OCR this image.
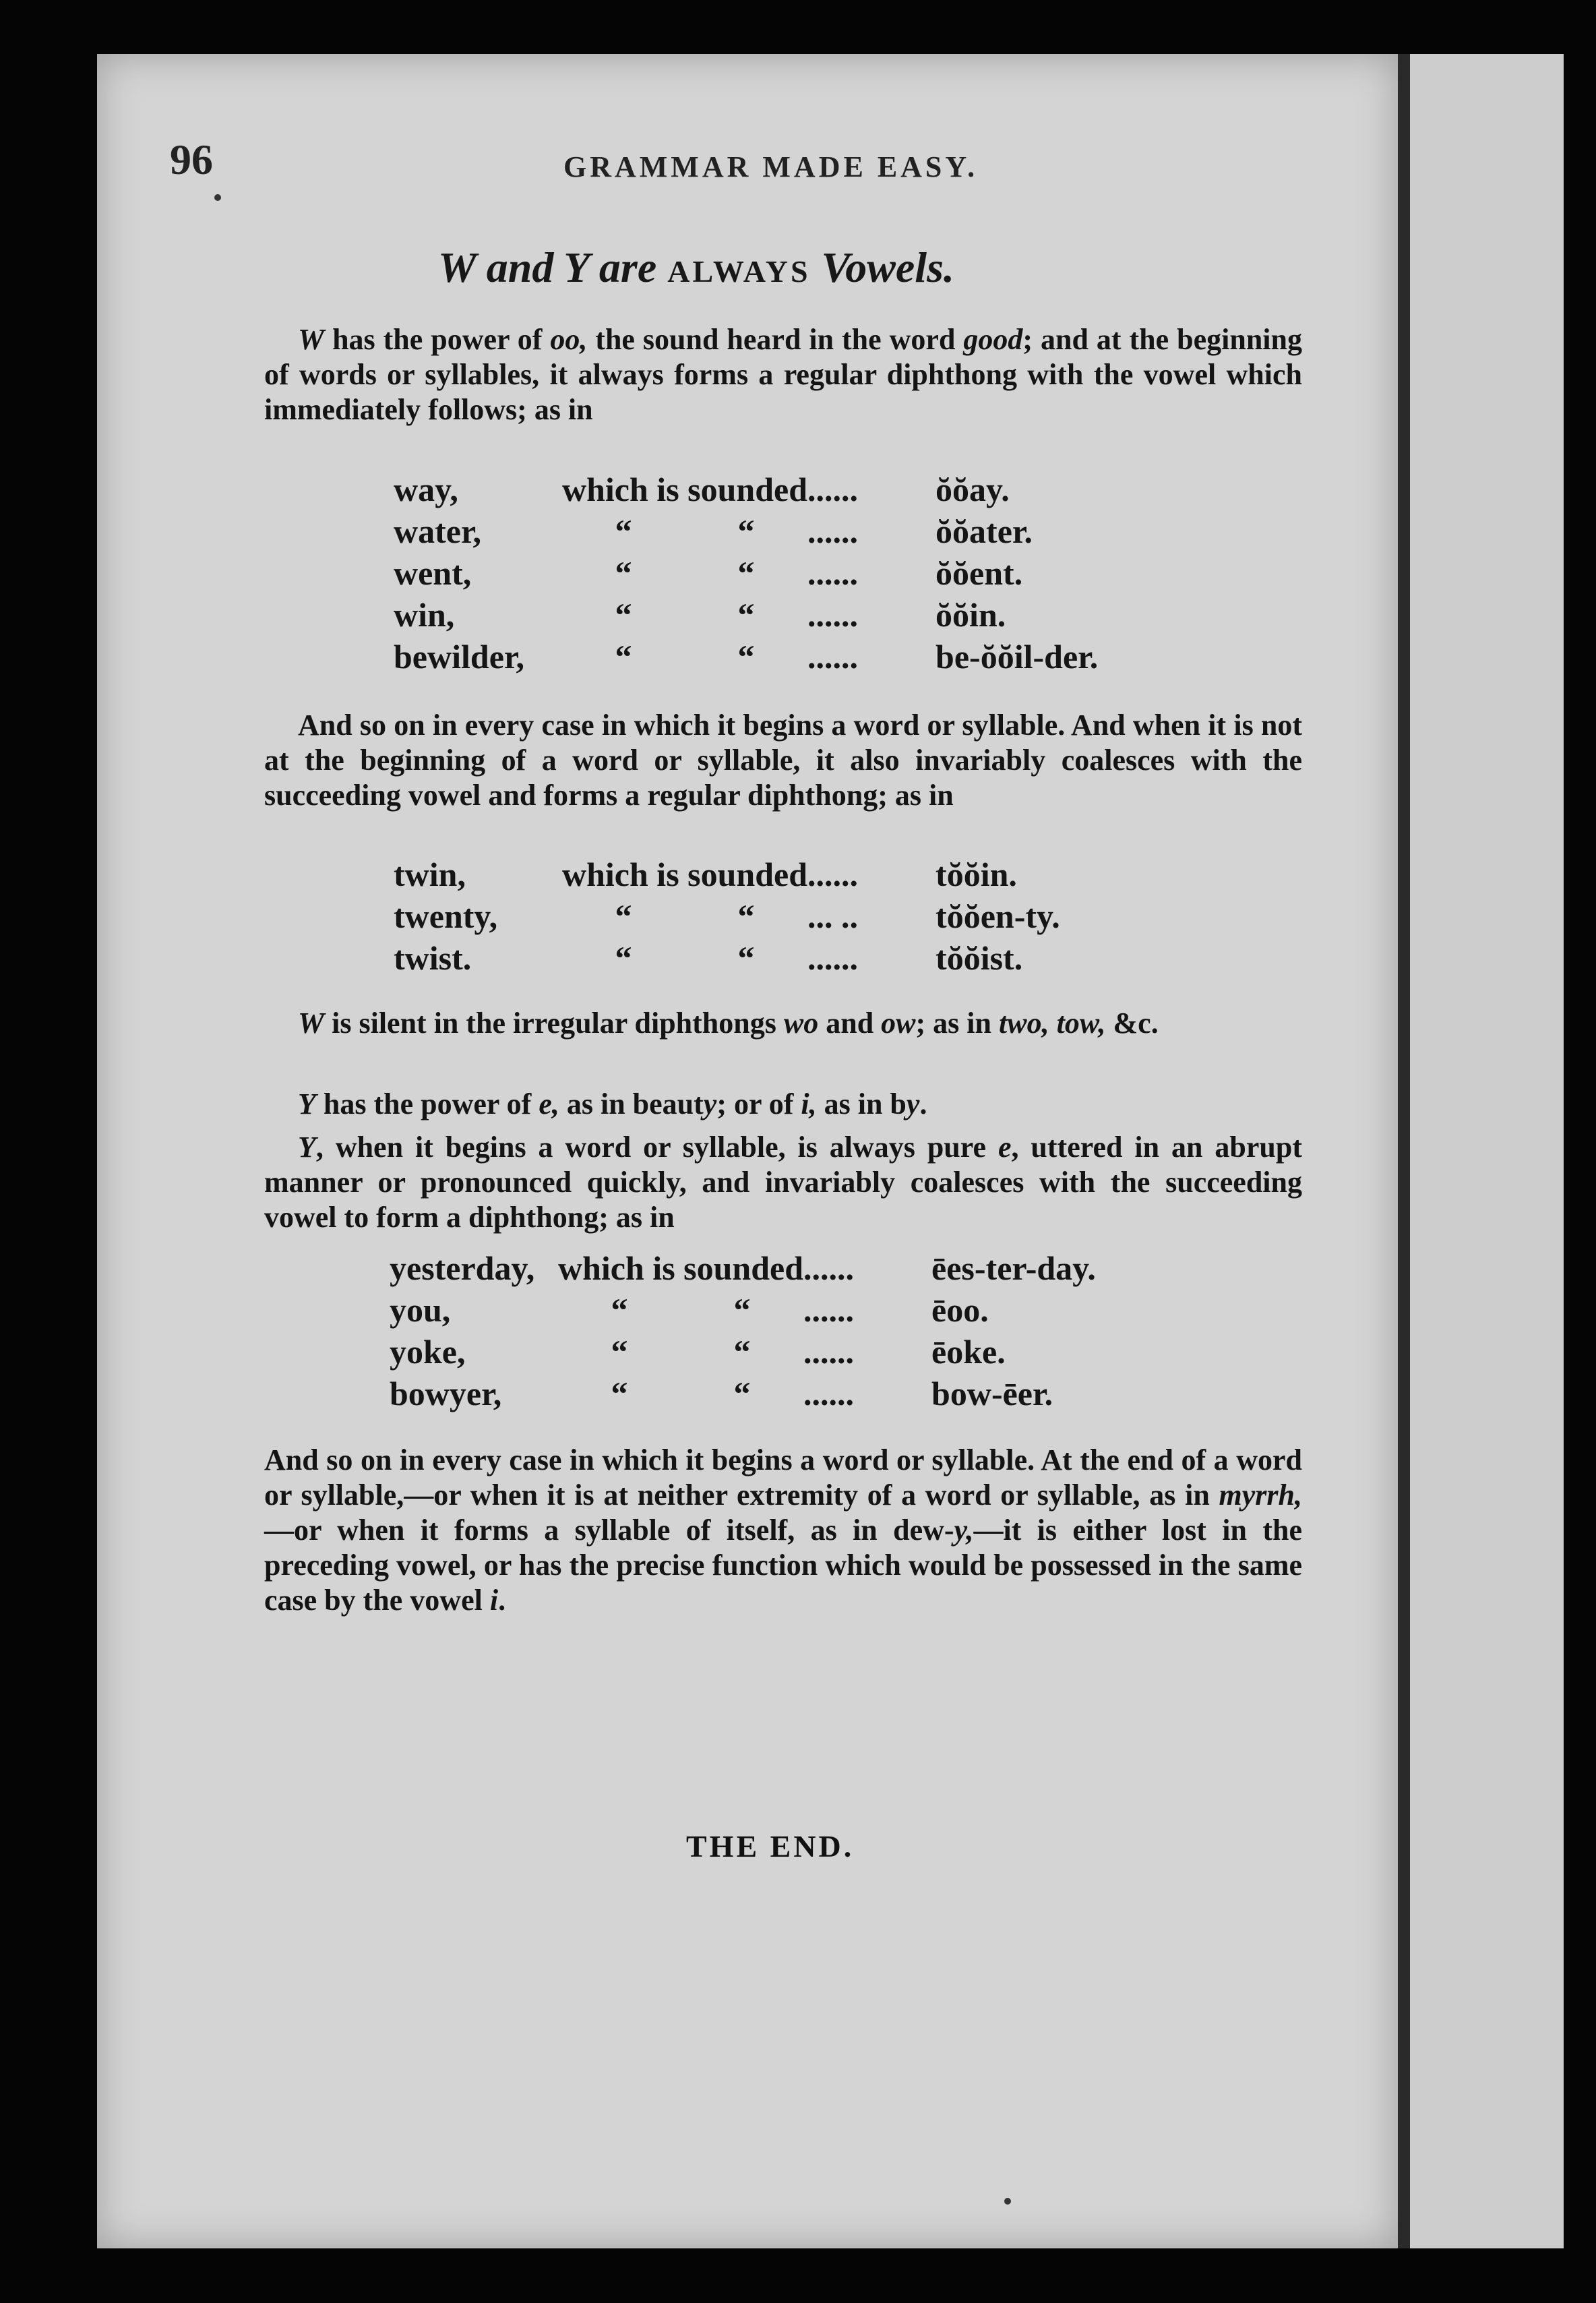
96	GRAMMAR MADE EASY.
W and Y are ALWAYS Vowels.
W has the power of oo, the sound heard in the word good; and at the beginning of words or syllables, it always forms a regular diphthong with the vowel which immediately follows; as in
way,	which is sounded		......	ŏŏay.
water,	“	“	......	ŏŏater.
went,	“	“	......	ŏŏent.
win,	“	“	......	ŏŏin.
bewilder,	“	“	......	be-ŏŏil-der.
And so on in every case in which it begins a word or syllable. And when it is not at the beginning of a word or syllable, it also invariably coalesces with the succeeding vowel and forms a regular diphthong; as in
twin,	which is sounded		......	tŏŏin.
twenty,	“	“	... ..	tŏŏen-ty.
twist.	“	“	......	tŏŏist.
W is silent in the irregular diphthongs wo and ow; as in two, tow, &c.
Y has the power of e, as in beauty; or of i, as in by.
Y, when it begins a word or syllable, is always pure e, uttered in an abrupt manner or pronounced quickly, and invariably coalesces with the succeeding vowel to form a diphthong; as in
yesterday,	which is sounded		......	ēes-ter-day.
you,	“	“	......	ēoo.
yoke,	“	“	......	ēoke.
bowyer,	“	“	......	bow-ēer.
And so on in every case in which it begins a word or syllable. At the end of a word or syllable,—or when it is at neither extremity of a word or syllable, as in myrrh,—or when it forms a syllable of itself, as in dew-y,—it is either lost in the preceding vowel, or has the precise function which would be possessed in the same case by the vowel i.
THE END.
